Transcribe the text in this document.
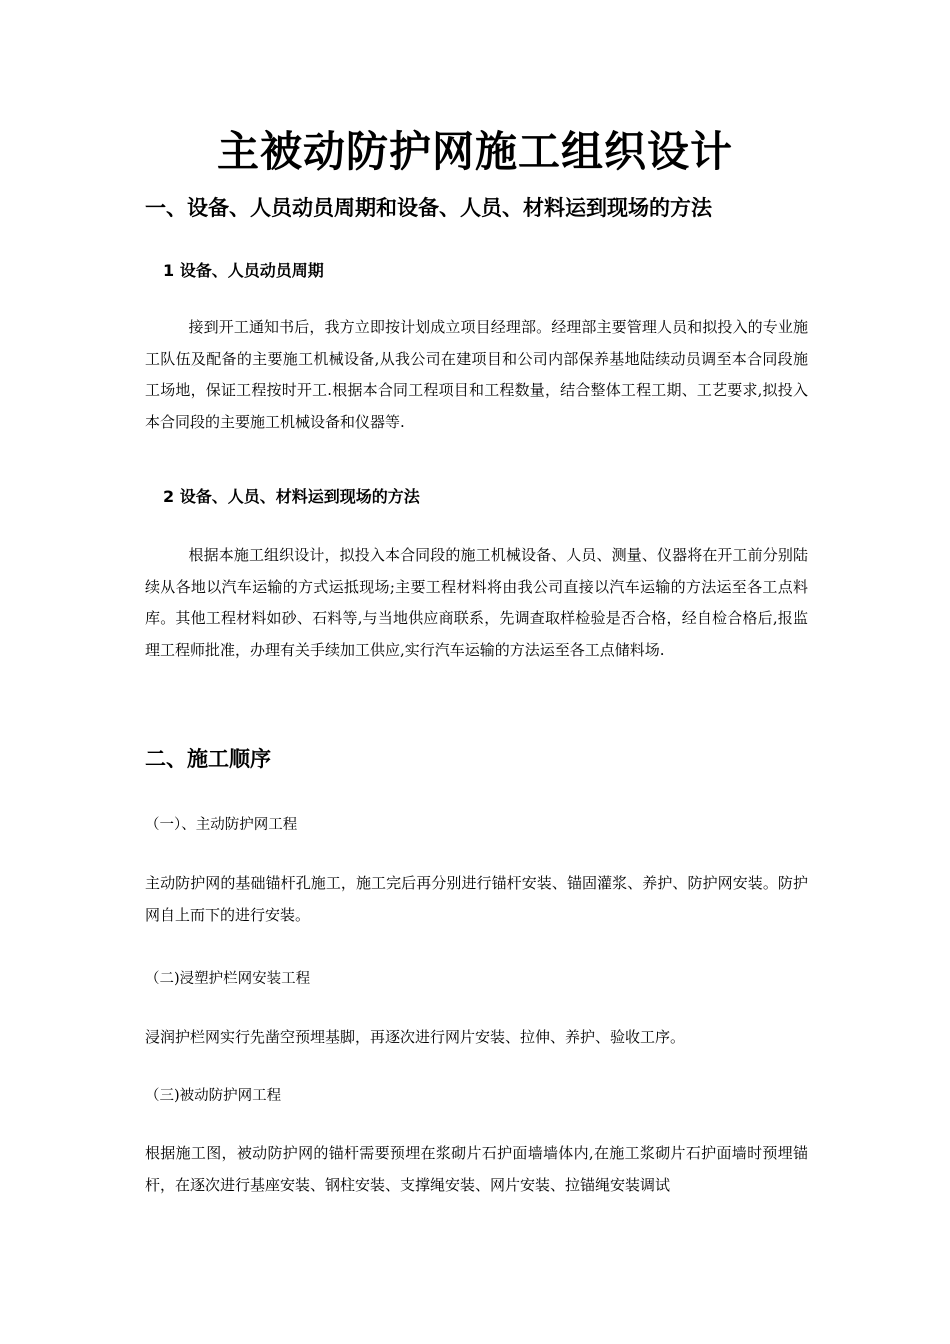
主被动防护网施工组织设计
一、设备、人员动员周期和设备、人员、材料运到现场的方法
1 设备、人员动员周期
接到开工通知书后，我方立即按计划成立项目经理部。经理部主要管理人员和拟投入的专业施工队伍及配备的主要施工机械设备,从我公司在建项目和公司内部保养基地陆续动员调至本合同段施工场地，保证工程按时开工.根据本合同工程项目和工程数量，结合整体工程工期、工艺要求,拟投入本合同段的主要施工机械设备和仪器等.
2 设备、人员、材料运到现场的方法
根据本施工组织设计，拟投入本合同段的施工机械设备、人员、测量、仪器将在开工前分别陆续从各地以汽车运输的方式运抵现场;主要工程材料将由我公司直接以汽车运输的方法运至各工点料库。其他工程材料如砂、石料等,与当地供应商联系，先调查取样检验是否合格，经自检合格后,报监理工程师批准，办理有关手续加工供应,实行汽车运输的方法运至各工点储料场.
二、施工顺序
（一）、主动防护网工程
主动防护网的基础锚杆孔施工，施工完后再分别进行锚杆安装、锚固灌浆、养护、防护网安装。防护网自上而下的进行安装。
（二)浸塑护栏网安装工程
浸润护栏网实行先凿空预埋基脚，再逐次进行网片安装、拉伸、养护、验收工序。
（三)被动防护网工程
根据施工图，被动防护网的锚杆需要预埋在浆砌片石护面墙墙体内,在施工浆砌片石护面墙时预埋锚杆，在逐次进行基座安装、钢柱安装、支撑绳安装、网片安装、拉锚绳安装调试
